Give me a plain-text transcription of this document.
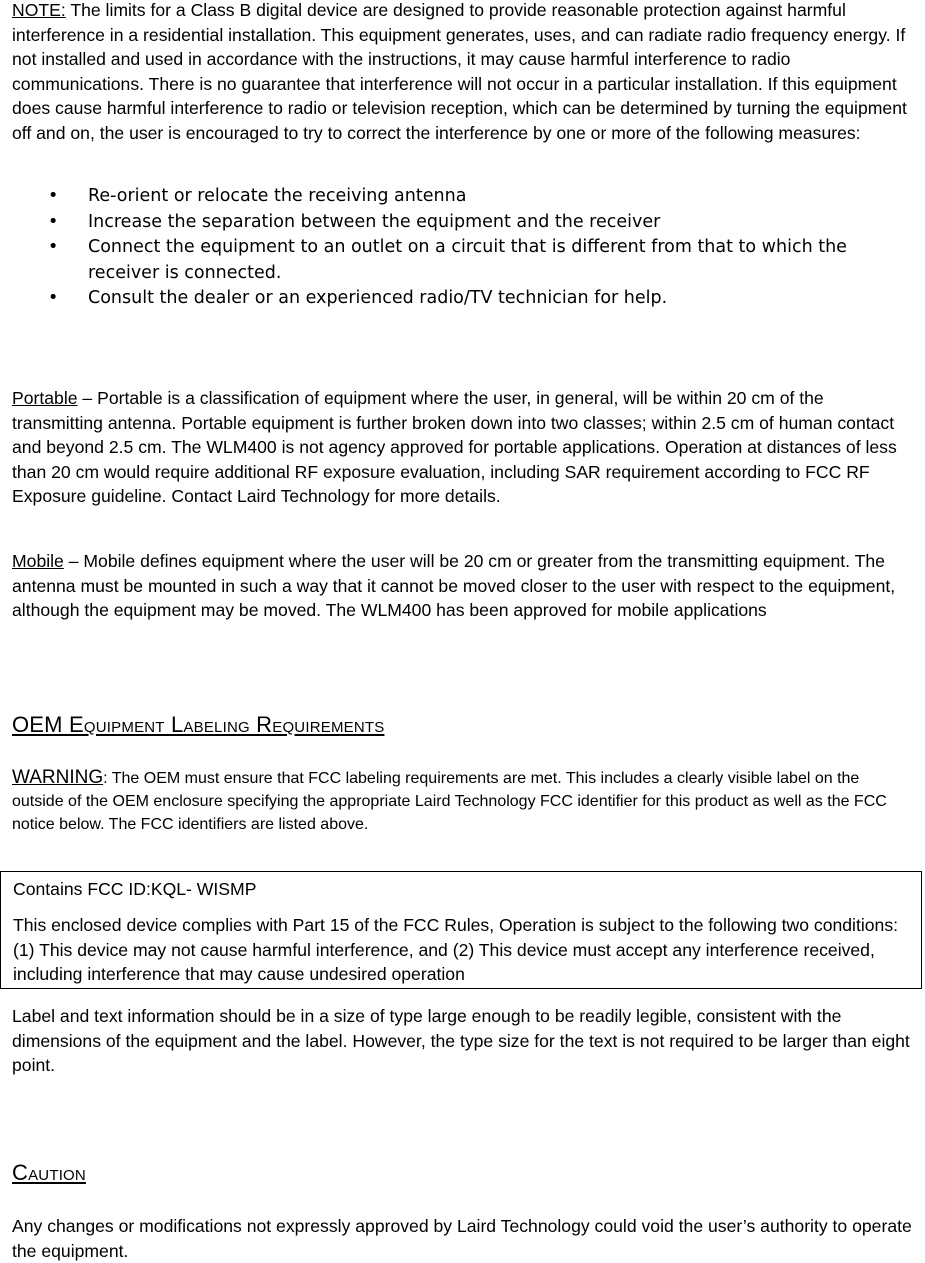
NOTE: The limits for a Class B digital device are designed to provide reasonable protection against harmful interference in a residential installation. This equipment generates, uses, and can radiate radio frequency energy. If not installed and used in accordance with the instructions, it may cause harmful interference to radio communications. There is no guarantee that interference will not occur in a particular installation. If this equipment does cause harmful interference to radio or television reception, which can be determined by turning the equipment off and on, the user is encouraged to try to correct the interference by one or more of the following measures:

• Re-orient or relocate the receiving antenna
• Increase the separation between the equipment and the receiver
• Connect the equipment to an outlet on a circuit that is different from that to which the receiver is connected.
• Consult the dealer or an experienced radio/TV technician for help.

Portable – Portable is a classification of equipment where the user, in general, will be within 20 cm of the transmitting antenna. Portable equipment is further broken down into two classes; within 2.5 cm of human contact and beyond 2.5 cm. The WLM400 is not agency approved for portable applications. Operation at distances of less than 20 cm would require additional RF exposure evaluation, including SAR requirement according to FCC RF Exposure guideline. Contact Laird Technology for more details.

Mobile – Mobile defines equipment where the user will be 20 cm or greater from the transmitting equipment. The antenna must be mounted in such a way that it cannot be moved closer to the user with respect to the equipment, although the equipment may be moved. The WLM400 has been approved for mobile applications

OEM Equipment Labeling Requirements

WARNING: The OEM must ensure that FCC labeling requirements are met. This includes a clearly visible label on the outside of the OEM enclosure specifying the appropriate Laird Technology FCC identifier for this product as well as the FCC notice below. The FCC identifiers are listed above.

Contains FCC ID:KQL- WISMP

This enclosed device complies with Part 15 of the FCC Rules, Operation is subject to the following two conditions: (1) This device may not cause harmful interference, and (2) This device must accept any interference received, including interference that may cause undesired operation

Label and text information should be in a size of type large enough to be readily legible, consistent with the dimensions of the equipment and the label. However, the type size for the text is not required to be larger than eight point.

Caution

Any changes or modifications not expressly approved by Laird Technology could void the user’s authority to operate the equipment.
